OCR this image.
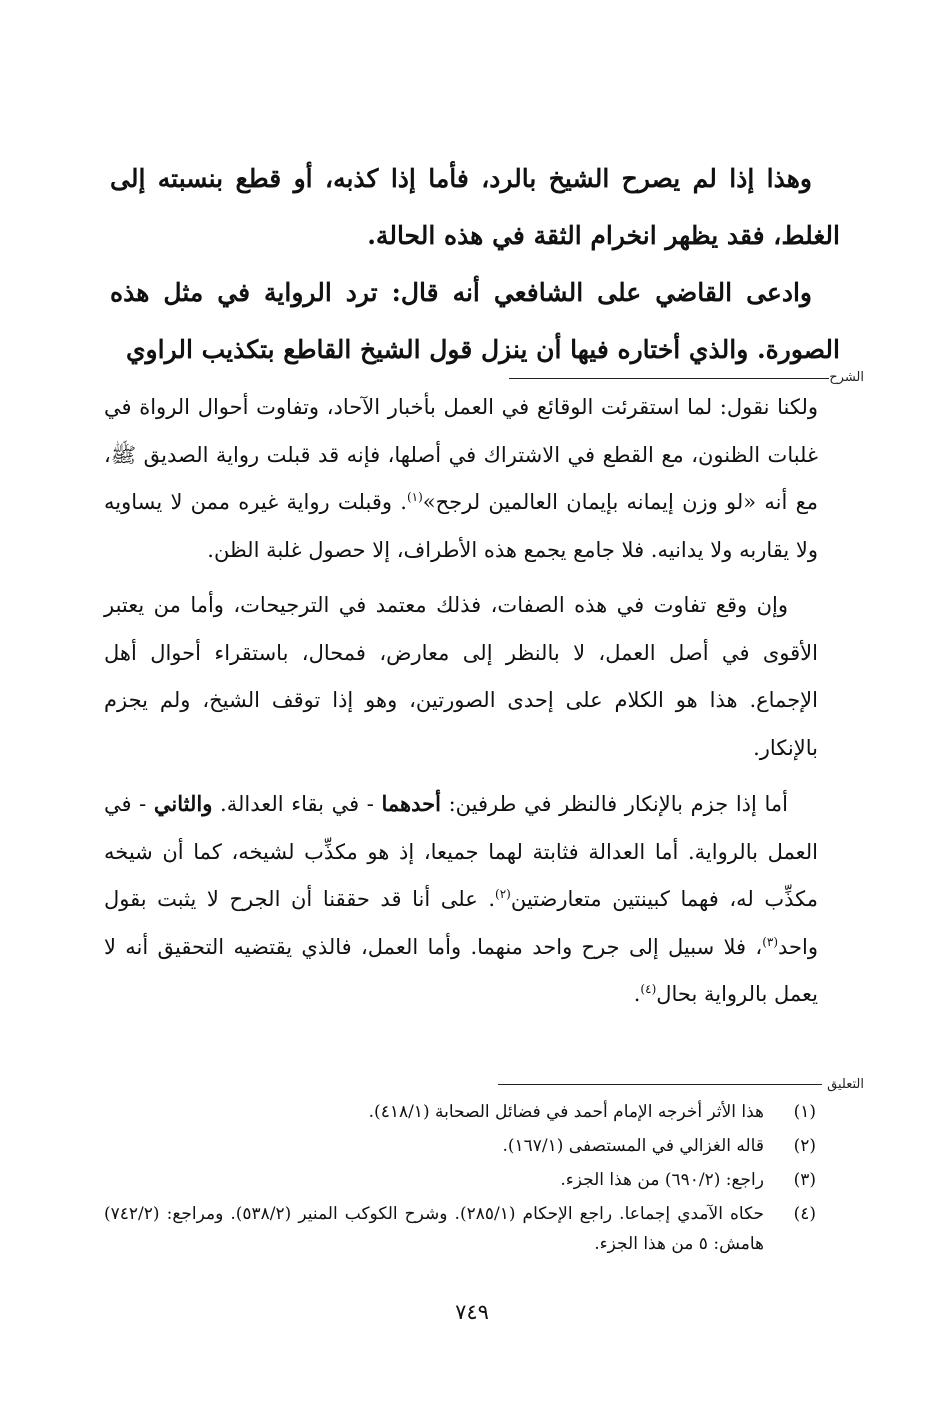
وهذا إذا لم يصرح الشيخ بالرد، فأما إذا كذبه، أو قطع بنسبته إلى الغلط، فقد يظهر انخرام الثقة في هذه الحالة.

وادعى القاضي على الشافعي أنه قال: ترد الرواية في مثل هذه الصورة. والذي أختاره فيها أن ينزل قول الشيخ القاطع بتكذيب الراوي

الشرح

ولكنا نقول: لما استقرئت الوقائع في العمل بأخبار الآحاد، وتفاوت أحوال الرواة في غلبات الظنون، مع القطع في الاشتراك في أصلها، فإنه قد قبلت رواية الصديق ﷺ، مع أنه «لو وزن إيمانه بإيمان العالمين لرجح»$^{(١)}$. وقبلت رواية غيره ممن لا يساويه ولا يقاربه ولا يدانيه. فلا جامع يجمع هذه الأطراف، إلا حصول غلبة الظن.

وإن وقع تفاوت في هذه الصفات، فذلك معتمد في الترجيحات، وأما من يعتبر الأقوى في أصل العمل، لا بالنظر إلى معارض، فمحال، باستقراء أحوال أهل الإجماع. هذا هو الكلام على إحدى الصورتين، وهو إذا توقف الشيخ، ولم يجزم بالإنكار.

أما إذا جزم بالإنكار فالنظر في طرفين: أحدهما - في بقاء العدالة. والثاني - في العمل بالرواية. أما العدالة فثابتة لهما جميعا، إذ هو مكذِّب لشيخه، كما أن شيخه مكذِّب له، فهما كبينتين متعارضتين$^{(٢)}$. على أنا قد حققنا أن الجرح لا يثبت بقول واحد$^{(٣)}$، فلا سبيل إلى جرح واحد منهما. وأما العمل، فالذي يقتضيه التحقيق أنه لا يعمل بالرواية بحال$^{(٤)}$.

التعليق
(١)
هذا الأثر أخرجه الإمام أحمد في فضائل الصحابة (٤١٨/١).
(٢)
قاله الغزالي في المستصفى (١٦٧/١).
(٣)
راجع: (٦٩٠/٢) من هذا الجزء.
(٤)
حكاه الآمدي إجماعا. راجع الإحكام (٢٨٥/١). وشرح الكوكب المنير (٥٣٨/٢). ومراجع: (٧٤٢/٢) هامش: ٥ من هذا الجزء.
٧٤٩
